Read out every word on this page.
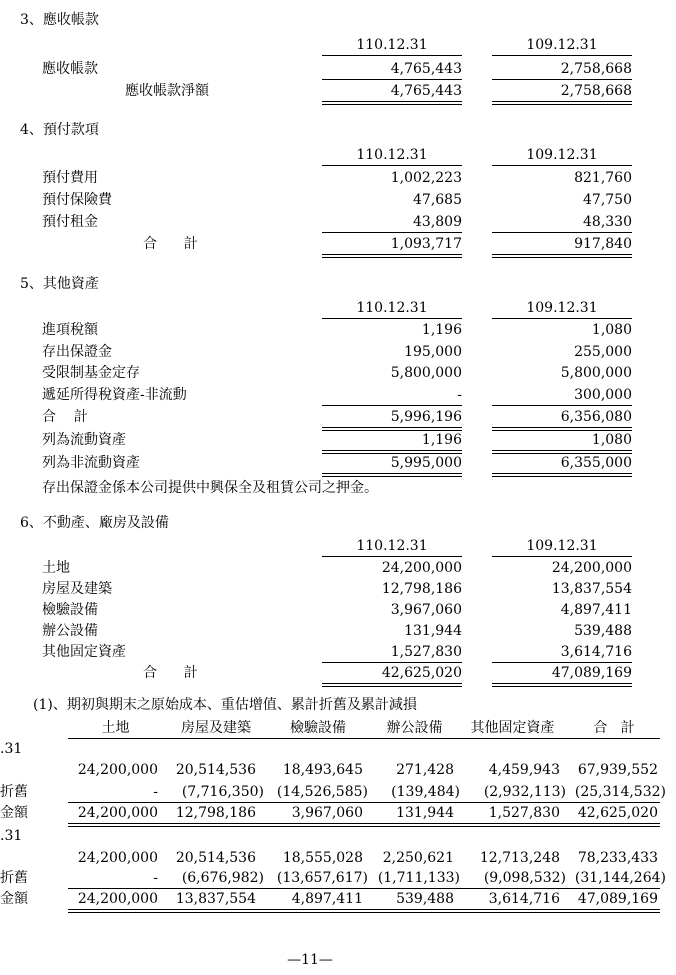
3、應收帳款
110.12.31	109.12.31
應收帳款	4,765,443	2,758,668
應收帳款淨額	4,765,443	2,758,668
4、預付款項
110.12.31	109.12.31
預付費用	1,002,223	821,760
預付保險費	47,685	47,750
預付租金	43,809	48,330
合      計	1,093,717	917,840
5、其他資產
110.12.31	109.12.31
進項稅額	1,196	1,080
存出保證金	195,000	255,000
受限制基金定存	5,800,000	5,800,000
遞延所得稅資產-非流動	-	300,000
合    計	5,996,196	6,356,080
列為流動資產	1,196	1,080
列為非流動資產	5,995,000	6,355,000
存出保證金係本公司提供中興保全及租賃公司之押金。
6、不動產、廠房及設備
110.12.31	109.12.31
土地	24,200,000	24,200,000
房屋及建築	12,798,186	13,837,554
檢驗設備	3,967,060	4,897,411
辦公設備	131,944	539,488
其他固定資產	1,527,830	3,614,716
合      計	42,625,020	47,089,169
(1)、期初與期末之原始成本、重估增值、累計折舊及累計減損
土地	房屋及建築	檢驗設備	辦公設備	其他固定資產	合   計
.31
24,200,000	20,514,536	18,493,645	271,428	4,459,943	67,939,552
折舊	-	(7,716,350) (14,526,585)	(139,484)	(2,932,113) (25,314,532)
金額	24,200,000	12,798,186	3,967,060	131,944	1,527,830	42,625,020
.31
24,200,000	20,514,536	18,555,028	2,250,621	12,713,248	78,233,433
折舊	-	(6,676,982) (13,657,617) (1,711,133)	(9,098,532) (31,144,264)
金額	24,200,000	13,837,554	4,897,411	539,488	3,614,716	47,089,169
—11—
